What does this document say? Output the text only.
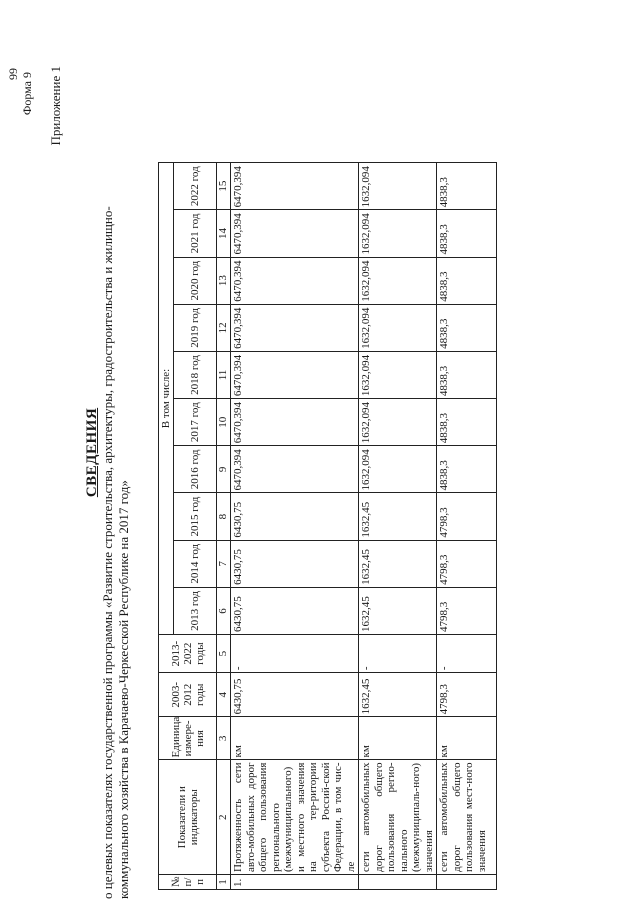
99 Форма 9 Приложение 1
СВЕДЕНИЯ о целевых показателях государственной программы «Развитие строительства, архитектуры, градостроительства и жилищно- коммунального хозяйства в Карачаево-Черкесской Республике на 2017 год»	№ п/п	Показатели и индикаторы	Единица измере-ния	2003-2012 годы	2013-2022 годы	В том числе:									
					2013 год	2014 год	2015 год	2016 год	2017 год	2018 год	2019 год	2020 год	2021 год	2022 год
1	2	3	4	5	6	7	8	9	10	11	12	13	14	15
1.	Протяженность сети авто-мобильных дорог общего пользования регионального (межмуниципального) и местного значения на тер-ритории субъекта Россий-ской Федерации, в том чис-ле	км	6430,75	-	6430,75	6430,75	6430,75	6470,394	6470,394	6470,394	6470,394	6470,394	6470,394	6470,394
	сети автомобильных дорог общего пользования регио-нального (межмуниципаль-ного) значения	км	1632,45	-	1632,45	1632,45	1632,45	1632,094	1632,094	1632,094	1632,094	1632,094	1632,094	1632,094
	сети автомобильных дорог общего пользования мест-ного значения	км	4798,3	-	4798,3	4798,3	4798,3	4838,3	4838,3	4838,3	4838,3	4838,3	4838,3	4838,3
